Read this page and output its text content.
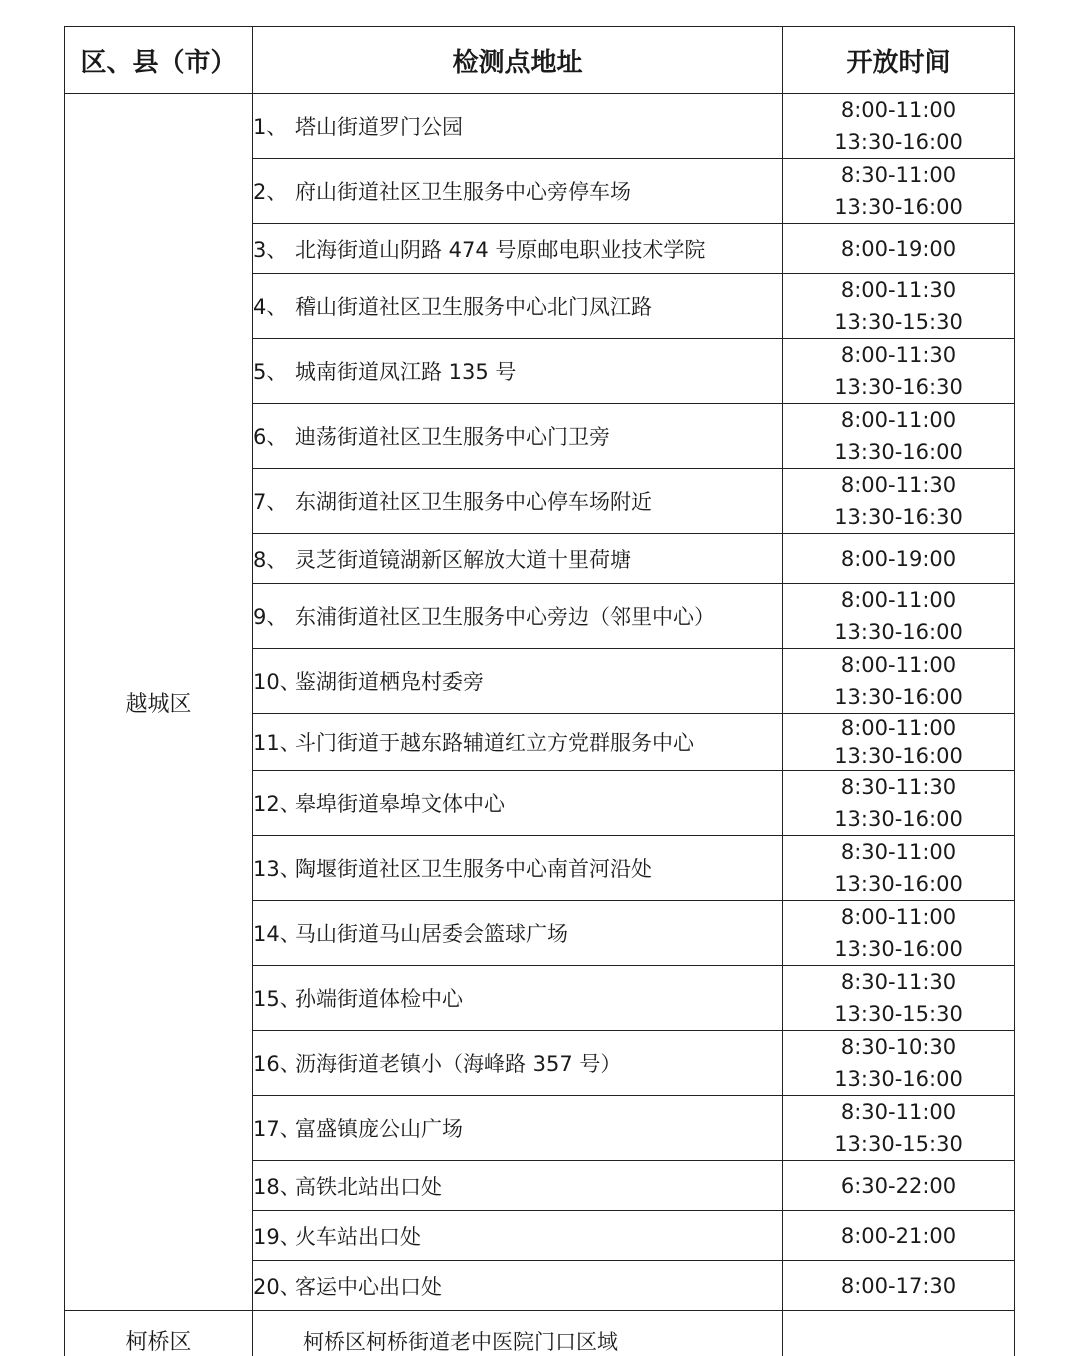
区、县（市）	检测点地址	开放时间
越城区	1、 塔山街道罗门公园	8:00-11:00
13:30-16:00

	2、 府山街道社区卫生服务中心旁停车场	8:30-11:00
13:30-16:00

	3、 北海街道山阴路 474 号原邮电职业技术学院	8:00-19:00

	4、 稽山街道社区卫生服务中心北门凤江路	8:00-11:30
13:30-15:30

	5、 城南街道凤江路 135 号	8:00-11:30
13:30-16:30

	6、 迪荡街道社区卫生服务中心门卫旁	8:00-11:00
13:30-16:00

	7、 东湖街道社区卫生服务中心停车场附近	8:00-11:30
13:30-16:30

	8、 灵芝街道镜湖新区解放大道十里荷塘	8:00-19:00

	9、 东浦街道社区卫生服务中心旁边（邻里中心）	8:00-11:00
13:30-16:00

	10、鉴湖街道栖凫村委旁	8:00-11:00
13:30-16:00

	11、斗门街道于越东路辅道红立方党群服务中心	8:00-11:00
13:30-16:00

	12、皋埠街道皋埠文体中心	8:30-11:30
13:30-16:00

	13、陶堰街道社区卫生服务中心南首河沿处	8:30-11:00
13:30-16:00

	14、马山街道马山居委会篮球广场	8:00-11:00
13:30-16:00

	15、孙端街道体检中心	8:30-11:30
13:30-15:30

	16、沥海街道老镇小（海峰路 357 号）	8:30-10:30
13:30-16:00

	17、富盛镇庞公山广场	8:30-11:00
13:30-15:30

	18、高铁北站出口处	6:30-22:00

	19、火车站出口处	8:00-21:00

	20、客运中心出口处	8:00-17:30

柯桥区	柯桥区柯桥街道老中医院门口区域	
